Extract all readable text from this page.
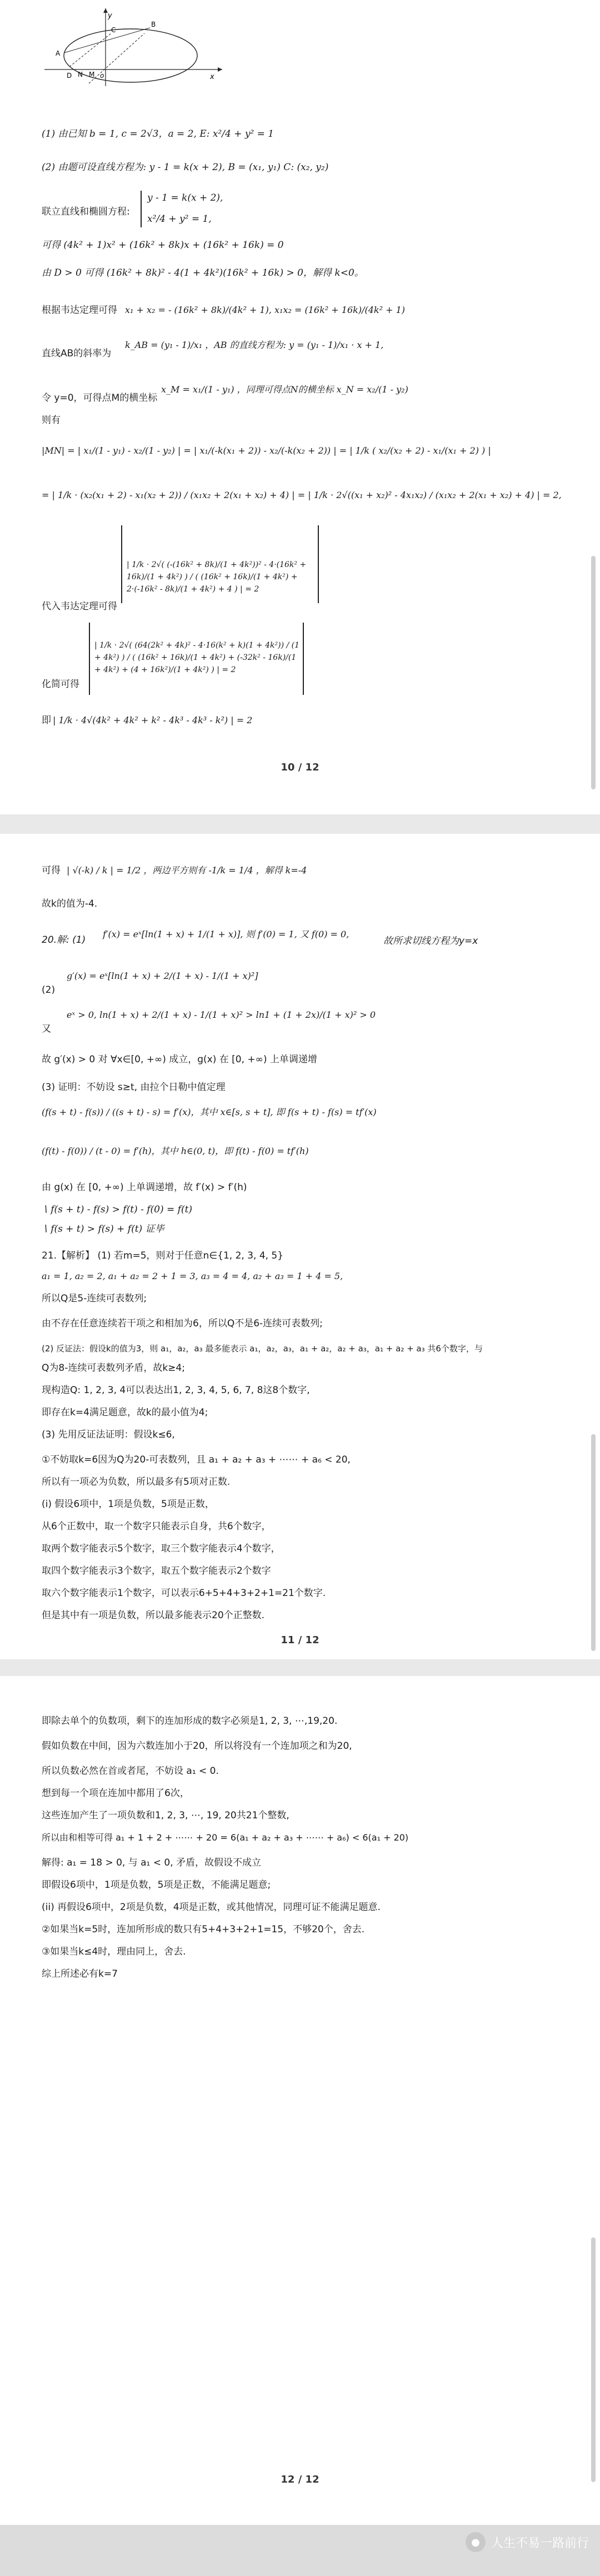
y
x
o
A
B
C
N M
D
(1) 由已知 b = 1, c = 2√3，a = 2, E: x²/4 + y² = 1
(2) 由题可设直线方程为: y - 1 = k(x + 2), B = (x₁, y₁) C: (x₂, y₂)
联立直线和椭圆方程:
y - 1 = k(x + 2),
x²/4 + y² = 1,
可得 (4k² + 1)x² + (16k² + 8k)x + (16k² + 16k) = 0
由 D > 0 可得 (16k² + 8k)² - 4(1 + 4k²)(16k² + 16k) > 0，解得 k<0。
根据韦达定理可得 x₁ + x₂ = - (16k² + 8k)/(4k² + 1), x₁x₂ = (16k² + 16k)/(4k² + 1)
直线AB的斜率为
k_AB = (y₁ - 1)/x₁ ，AB 的直线方程为: y = (y₁ - 1)/x₁ · x + 1,
令 y=0，可得点M的横坐标
x_M = x₁/(1 - y₁) ，同理可得点N的横坐标 x_N = x₂/(1 - y₂)
则有
|MN| = | x₁/(1 - y₁) - x₂/(1 - y₂) | = | x₁/(-k(x₁ + 2)) - x₂/(-k(x₂ + 2)) | = | 1/k ( x₂/(x₂ + 2) - x₁/(x₁ + 2) ) |
= | 1/k · (x₂(x₁ + 2) - x₁(x₂ + 2)) / (x₁x₂ + 2(x₁ + x₂) + 4) | = | 1/k · 2√((x₁ + x₂)² - 4x₁x₂) / (x₁x₂ + 2(x₁ + x₂) + 4) | = 2,
代入韦达定理可得
| 1/k · 2√( (-(16k² + 8k)/(1 + 4k²))² - 4·(16k² + 16k)/(1 + 4k²) ) / ( (16k² + 16k)/(1 + 4k²) + 2·(-16k² - 8k)/(1 + 4k²) + 4 ) | = 2
化简可得
| 1/k · 2√( (64(2k² + 4k)² - 4·16(k² + k)(1 + 4k²)) / (1 + 4k²) ) / ( (16k² + 16k)/(1 + 4k²) + (-32k² - 16k)/(1 + 4k²) + (4 + 16k²)/(1 + 4k²) ) | = 2
即 | 1/k · 4√(4k² + 4k² + k² - 4k³ - 4k³ - k²) | = 2
10 / 12
可得 | √(-k) / k | = 1/2 ，两边平方则有 -1/k = 1/4 ，解得 k=-4
故k的值为-4.
20.解: (1)
f′(x) = eˣ[ln(1 + x) + 1/(1 + x)], 则 f′(0) = 1, 又 f(0) = 0,
故所求切线方程为y=x
(2)
g′(x) = eˣ[ln(1 + x) + 2/(1 + x) - 1/(1 + x)²]
又
eˣ > 0, ln(1 + x) + 2/(1 + x) - 1/(1 + x)² > ln1 + (1 + 2x)/(1 + x)² > 0
故 g′(x) > 0 对 ∀x∈[0, +∞) 成立，g(x) 在 [0, +∞) 上单调递增
(3) 证明：不妨设 s≥t, 由拉个日勒中值定理
(f(s + t) - f(s)) / ((s + t) - s) = f′(x)，其中 x∈[s, s + t], 即 f(s + t) - f(s) = tf′(x)
(f(t) - f(0)) / (t - 0) = f′(h)，其中 h∈(0, t)，即 f(t) - f(0) = tf′(h)
由 g(x) 在 [0, +∞) 上单调递增，故 f′(x) > f′(h)
∖ f(s + t) - f(s) > f(t) - f(0) = f(t)
∖ f(s + t) > f(s) + f(t) 证毕
21.【解析】 (1) 若m=5，则对于任意n∈{1, 2, 3, 4, 5}
a₁ = 1, a₂ = 2, a₁ + a₂ = 2 + 1 = 3, a₃ = 4 = 4, a₂ + a₃ = 1 + 4 = 5,
所以Q是5-连续可表数列;
由不存在任意连续若干项之和相加为6，所以Q不是6-连续可表数列;
(2) 反证法：假设k的值为3，则 a₁，a₂，a₃ 最多能表示 a₁，a₂，a₃，a₁ + a₂，a₂ + a₃，a₁ + a₂ + a₃ 共6个数字，与
Q为8-连续可表数列矛盾，故k≥4;
现构造Q: 1, 2, 3, 4可以表达出1, 2, 3, 4, 5, 6, 7, 8这8个数字,
即存在k=4满足题意，故k的最小值为4;
(3) 先用反证法证明：假设k≤6,
①不妨取k=6因为Q为20-可表数列，且 a₁ + a₂ + a₃ + ⋯⋯ + a₆ < 20,
所以有一项必为负数，所以最多有5项对正数.
(i) 假设6项中，1项是负数，5项是正数，
从6个正数中，取一个数字只能表示自身，共6个数字，
取两个数字能表示5个数字，取三个数字能表示4个数字，
取四个数字能表示3个数字，取五个数字能表示2个数字
取六个数字能表示1个数字，可以表示6+5+4+3+2+1=21个数字.
但是其中有一项是负数，所以最多能表示20个正整数.
11 / 12
即除去单个的负数项，剩下的连加形成的数字必须是1, 2, 3, ⋯,19,20.
假如负数在中间，因为六数连加小于20，所以将没有一个连加项之和为20,
所以负数必然在首或者尾，不妨设 a₁ < 0.
想到每一个项在连加中都用了6次，
这些连加产生了一项负数和1, 2, 3, ⋯, 19, 20共21个整数,
所以由和相等可得 a₁ + 1 + 2 + ⋯⋯ + 20 = 6(a₁ + a₂ + a₃ + ⋯⋯ + a₆) < 6(a₁ + 20)
解得: a₁ = 18 > 0, 与 a₁ < 0, 矛盾，故假设不成立
即假设6项中，1项是负数，5项是正数，不能满足题意;
(ii) 再假设6项中，2项是负数，4项是正数，或其他情况，同理可证不能满足题意.
②如果当k=5时，连加所形成的数只有5+4+3+2+1=15，不够20个，舍去.
③如果当k≤4时，理由同上，舍去.
综上所述必有k=7
12 / 12
● 人生不易一路前行
